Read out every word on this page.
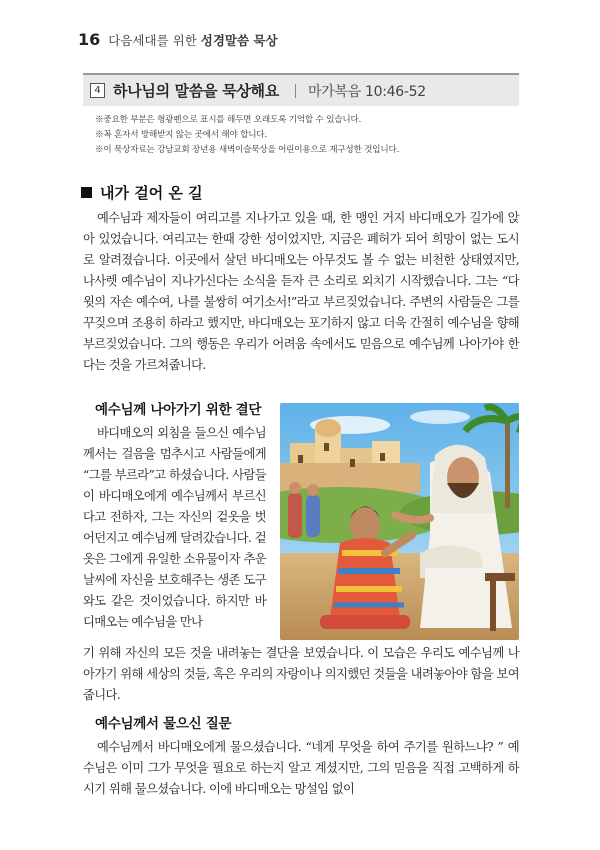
16 다음세대를 위한 성경말씀 묵상
4 하나님의 말씀을 묵상해요 마가복음 10:46-52
※중요한 부분은 형광펜으로 표시를 해두면 오래도록 기억할 수 있습니다.
※꼭 혼자서 방해받지 않는 곳에서 해야 합니다.
※이 묵상자료는 강남교회 장년용 새벽이슬묵상을 어린이용으로 재구성한 것입니다.
내가 걸어 온 길
예수님과 제자들이 여리고를 지나가고 있을 때, 한 맹인 거지 바디매오가 길가에 앉아 있었습니다. 여리고는 한때 강한 성이었지만, 지금은 폐허가 되어 희망이 없는 도시로 알려졌습니다. 이곳에서 살던 바디매오는 아무것도 볼 수 없는 비천한 상태였지만, 나사렛 예수님이 지나가신다는 소식을 듣자 큰 소리로 외치기 시작했습니다. 그는 “다윗의 자손 예수여, 나를 불쌍히 여기소서!”라고 부르짖었습니다. 주변의 사람들은 그를 꾸짖으며 조용히 하라고 했지만, 바디매오는 포기하지 않고 더욱 간절히 예수님을 향해 부르짖었습니다. 그의 행동은 우리가 어려움 속에서도 믿음으로 예수님께 나아가야 한다는 것을 가르쳐줍니다.
예수님께 나아가기 위한 결단
바디매오의 외침을 들으신 예수님께서는 걸음을 멈추시고 사람들에게 “그를 부르라”고 하셨습니다. 사람들이 바디매오에게 예수님께서 부르신다고 전하자, 그는 자신의 겉옷을 벗어던지고 예수님께 달려갔습니다. 겉옷은 그에게 유일한 소유물이자 추운 날씨에 자신을 보호해주는 생존 도구와도 같은 것이었습니다. 하지만 바디매오는 예수님을 만나
기 위해 자신의 모든 것을 내려놓는 결단을 보였습니다. 이 모습은 우리도 예수님께 나아가기 위해 세상의 것들, 혹은 우리의 자랑이나 의지했던 것들을 내려놓아야 함을 보여줍니다.
예수님께서 물으신 질문
예수님께서 바디매오에게 물으셨습니다. “네게 무엇을 하여 주기를 원하느냐? ” 예수님은 이미 그가 무엇을 필요로 하는지 알고 계셨지만, 그의 믿음을 직접 고백하게 하시기 위해 물으셨습니다. 이에 바디매오는 망설임 없이
